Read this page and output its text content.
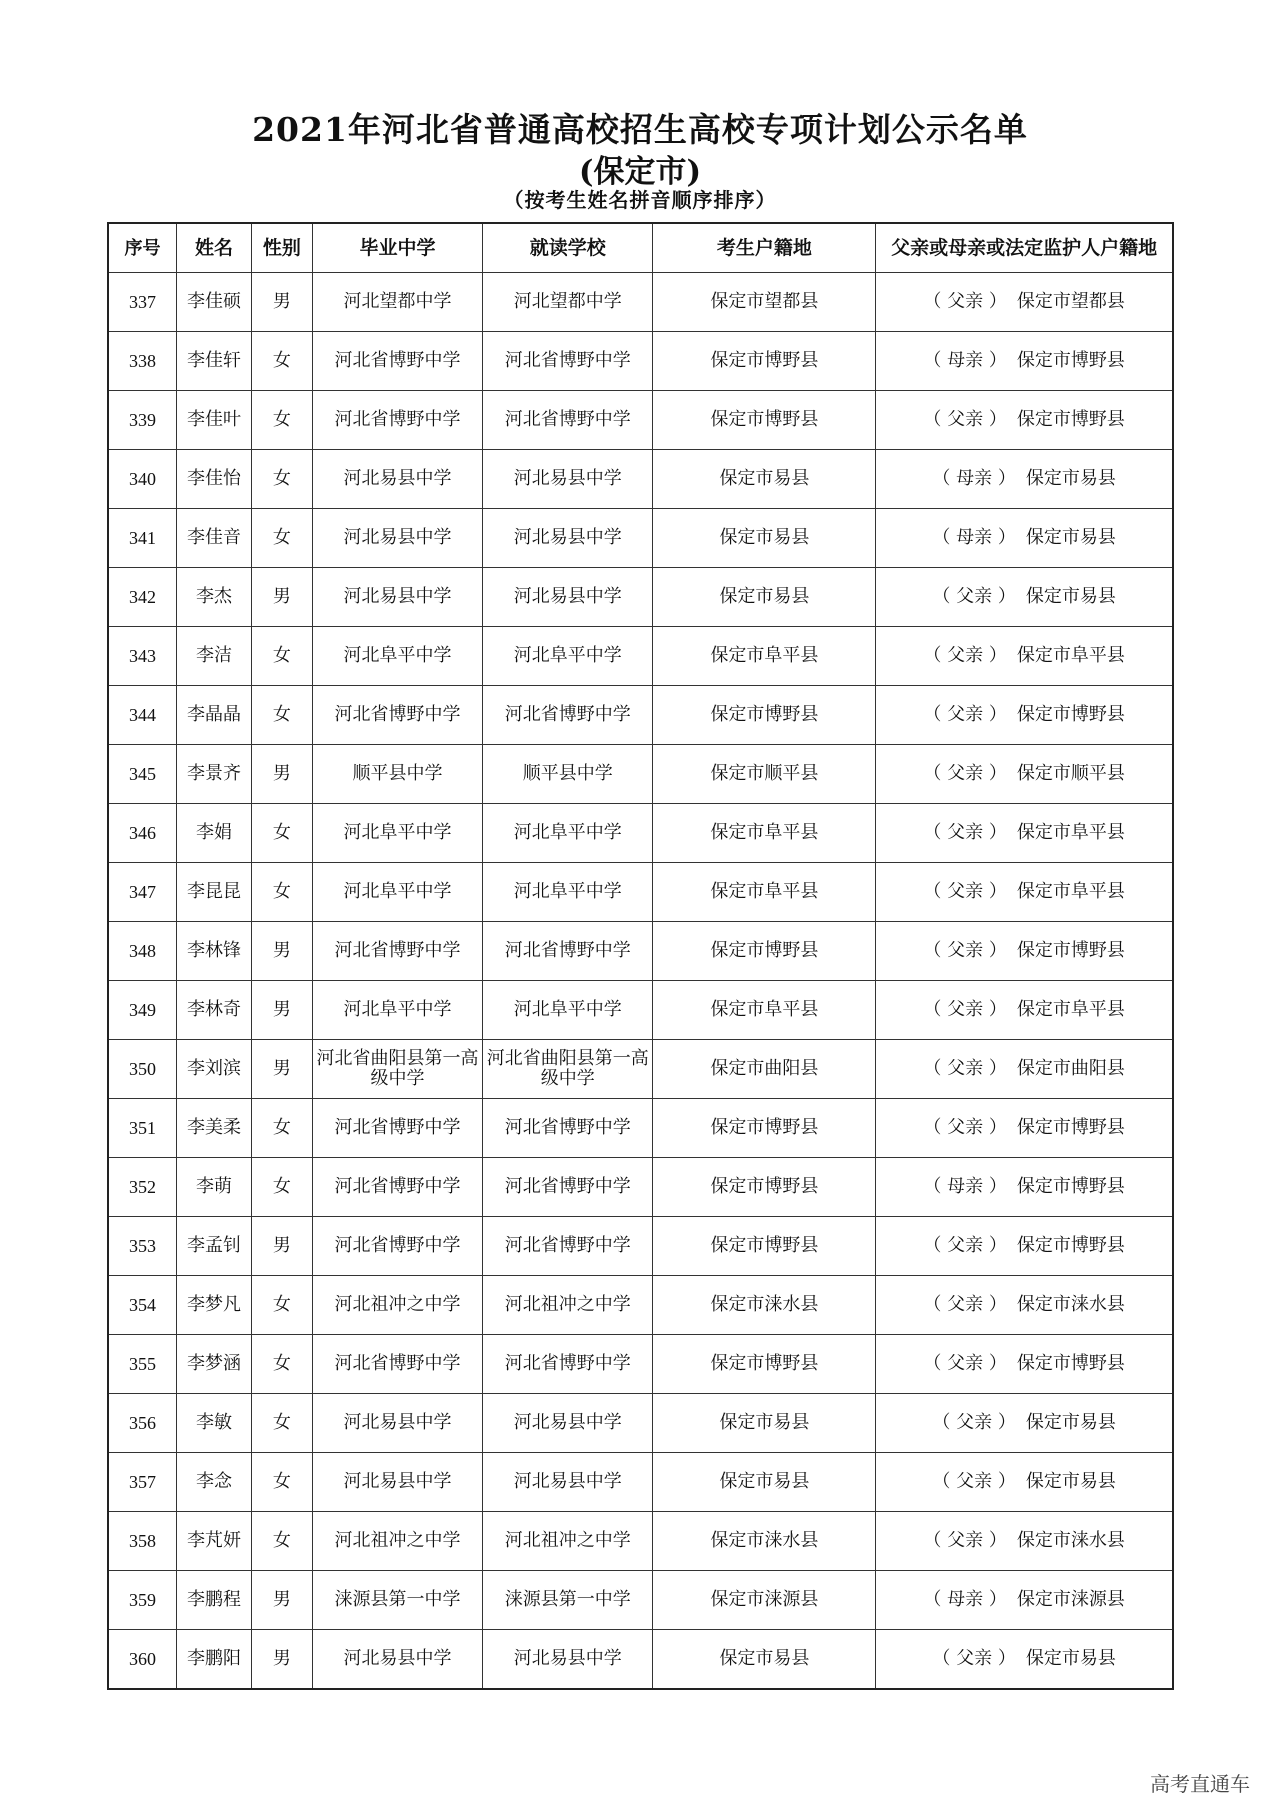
2021年河北省普通高校招生高校专项计划公示名单
(保定市)
（按考生姓名拼音顺序排序）
序号	姓名	性别	毕业中学	就读学校	考生户籍地	父亲或母亲或法定监护人户籍地
337	李佳硕	男	河北望都中学	河北望都中学	保定市望都县	（ 父亲 ） 保定市望都县
338	李佳轩	女	河北省博野中学	河北省博野中学	保定市博野县	（ 母亲 ） 保定市博野县
339	李佳叶	女	河北省博野中学	河北省博野中学	保定市博野县	（ 父亲 ） 保定市博野县
340	李佳怡	女	河北易县中学	河北易县中学	保定市易县	（ 母亲 ） 保定市易县
341	李佳音	女	河北易县中学	河北易县中学	保定市易县	（ 母亲 ） 保定市易县
342	李杰	男	河北易县中学	河北易县中学	保定市易县	（ 父亲 ） 保定市易县
343	李洁	女	河北阜平中学	河北阜平中学	保定市阜平县	（ 父亲 ） 保定市阜平县
344	李晶晶	女	河北省博野中学	河北省博野中学	保定市博野县	（ 父亲 ） 保定市博野县
345	李景齐	男	顺平县中学	顺平县中学	保定市顺平县	（ 父亲 ） 保定市顺平县
346	李娟	女	河北阜平中学	河北阜平中学	保定市阜平县	（ 父亲 ） 保定市阜平县
347	李昆昆	女	河北阜平中学	河北阜平中学	保定市阜平县	（ 父亲 ） 保定市阜平县
348	李林锋	男	河北省博野中学	河北省博野中学	保定市博野县	（ 父亲 ） 保定市博野县
349	李林奇	男	河北阜平中学	河北阜平中学	保定市阜平县	（ 父亲 ） 保定市阜平县
350	李刘滨	男	河北省曲阳县第一高级中学	河北省曲阳县第一高级中学	保定市曲阳县	（ 父亲 ） 保定市曲阳县
351	李美柔	女	河北省博野中学	河北省博野中学	保定市博野县	（ 父亲 ） 保定市博野县
352	李萌	女	河北省博野中学	河北省博野中学	保定市博野县	（ 母亲 ） 保定市博野县
353	李孟钊	男	河北省博野中学	河北省博野中学	保定市博野县	（ 父亲 ） 保定市博野县
354	李梦凡	女	河北祖冲之中学	河北祖冲之中学	保定市涞水县	（ 父亲 ） 保定市涞水县
355	李梦涵	女	河北省博野中学	河北省博野中学	保定市博野县	（ 父亲 ） 保定市博野县
356	李敏	女	河北易县中学	河北易县中学	保定市易县	（ 父亲 ） 保定市易县
357	李念	女	河北易县中学	河北易县中学	保定市易县	（ 父亲 ） 保定市易县
358	李芃妍	女	河北祖冲之中学	河北祖冲之中学	保定市涞水县	（ 父亲 ） 保定市涞水县
359	李鹏程	男	涞源县第一中学	涞源县第一中学	保定市涞源县	（ 母亲 ） 保定市涞源县
360	李鹏阳	男	河北易县中学	河北易县中学	保定市易县	（ 父亲 ） 保定市易县
高考直通车
